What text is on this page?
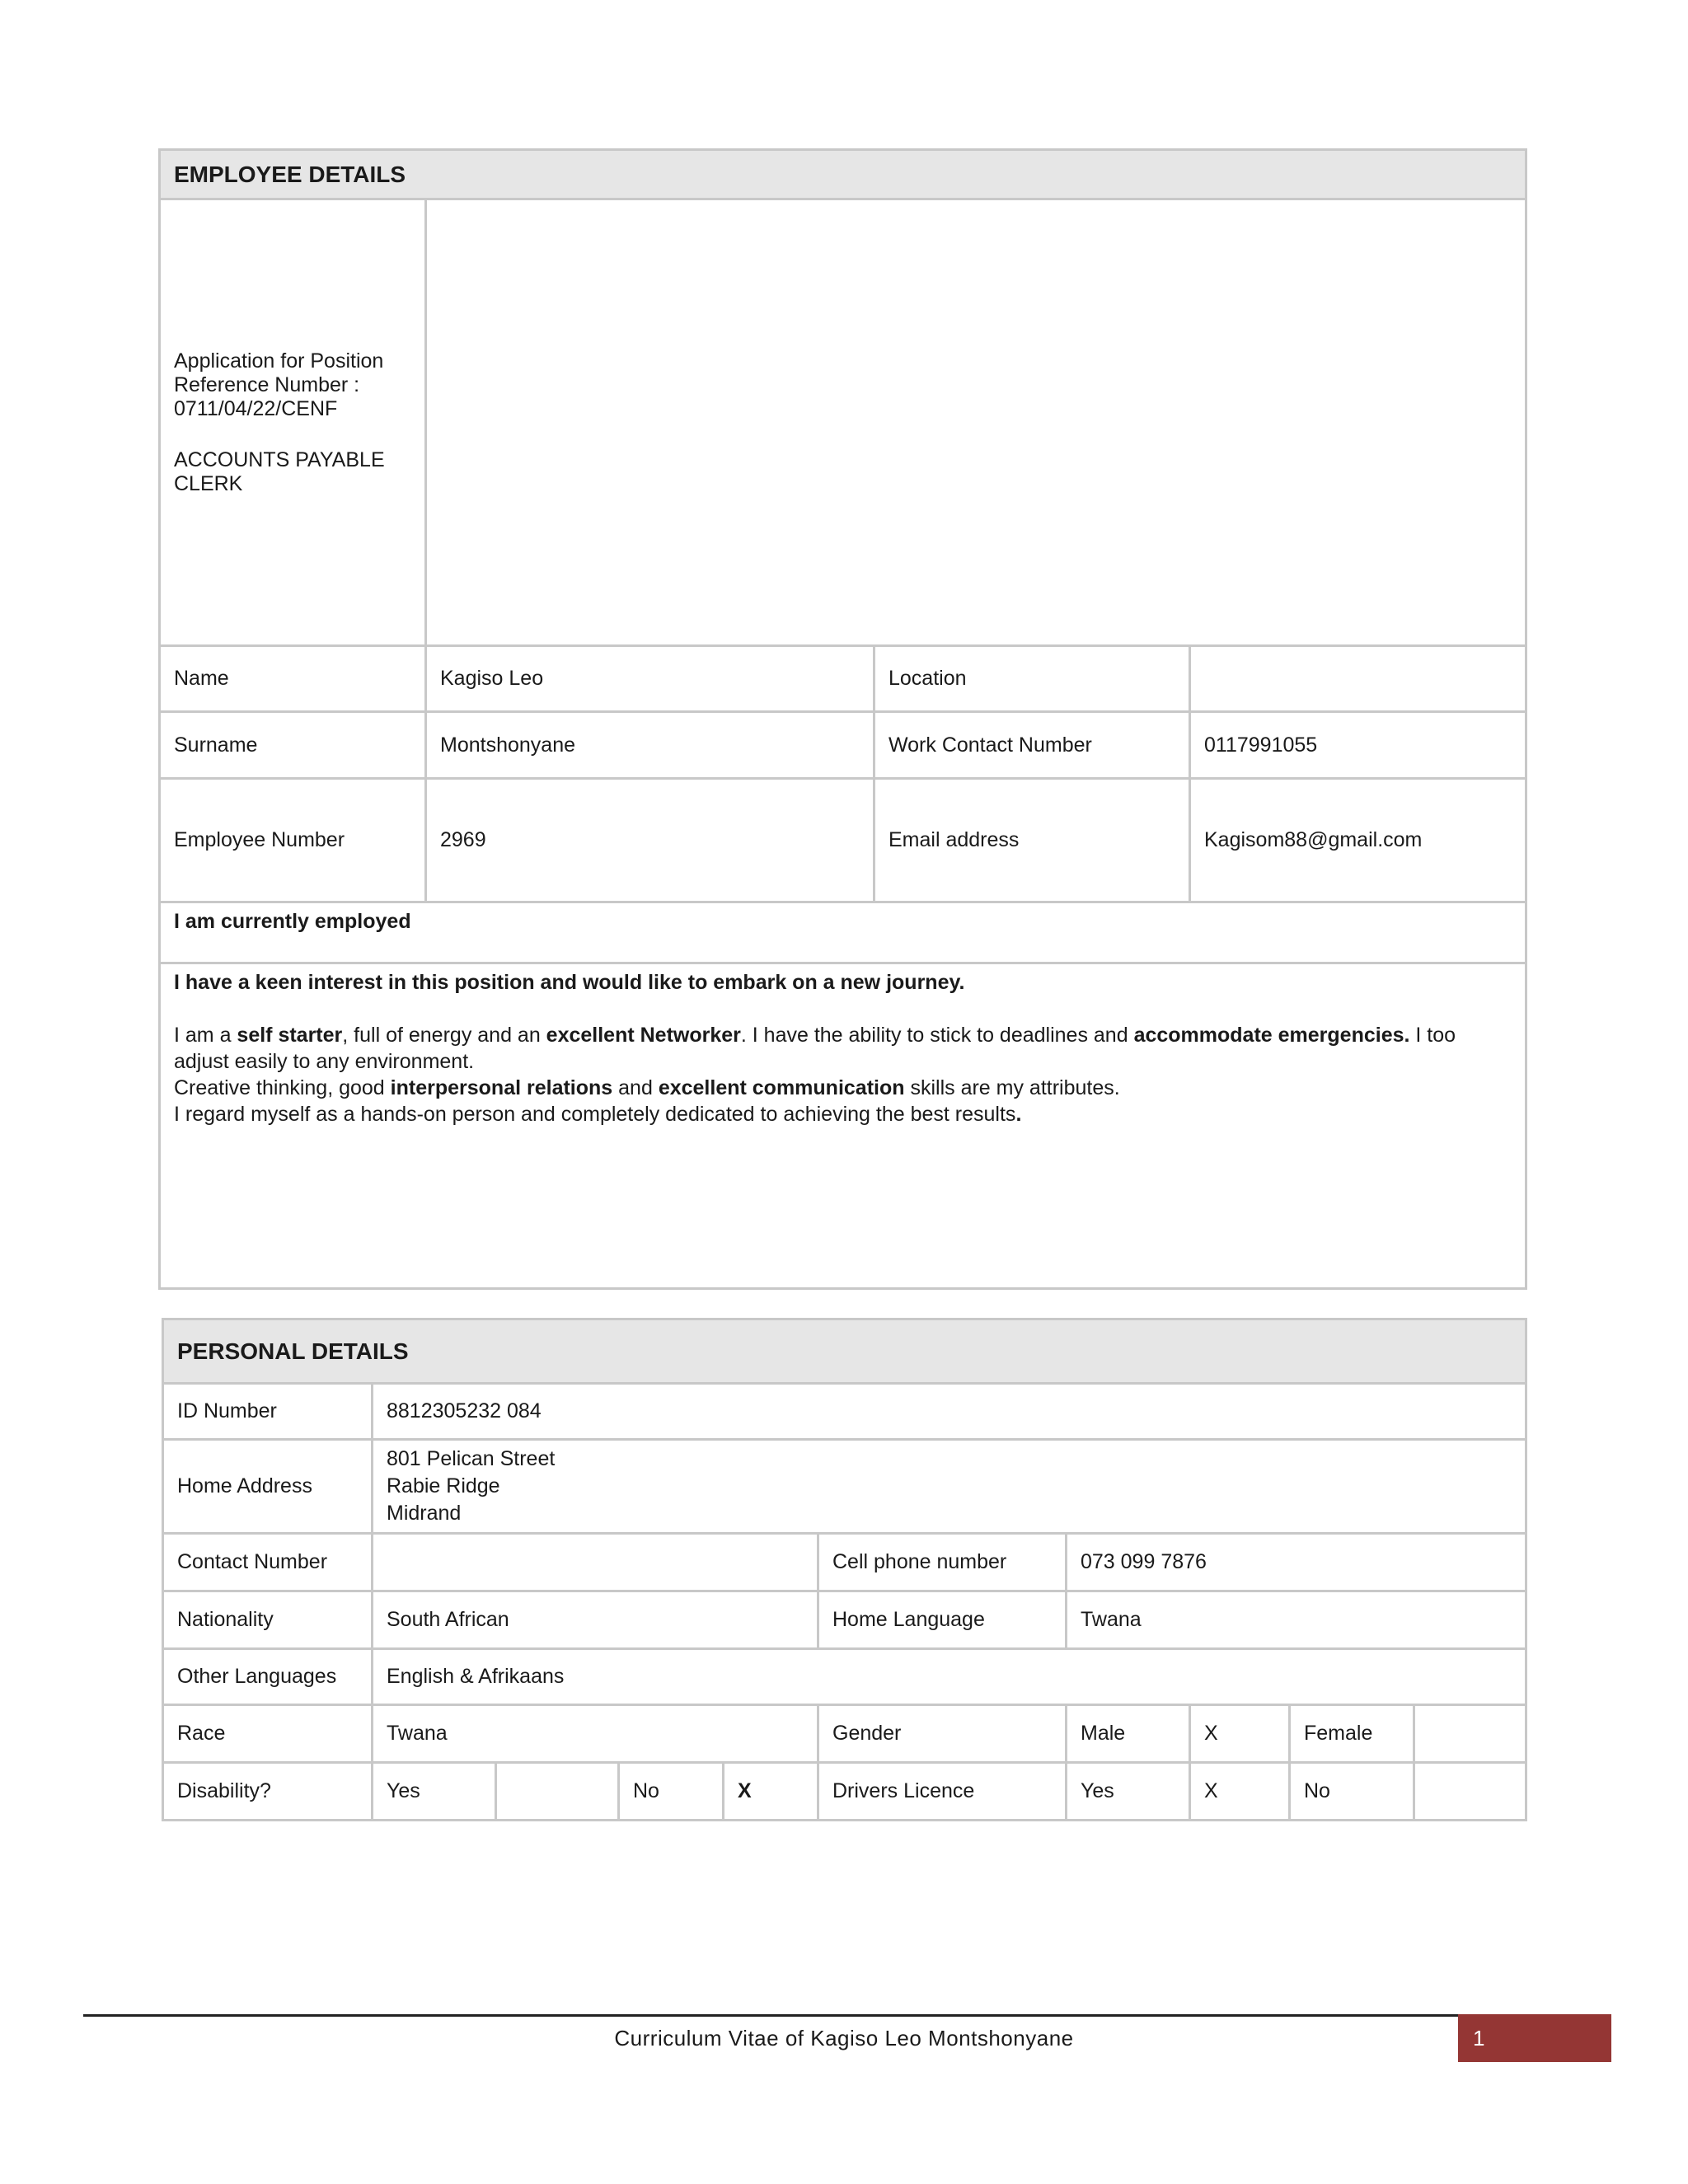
EMPLOYEE DETAILS			

Application for Position
Reference Number :
0711/04/22/CENF
ACCOUNTS PAYABLE
CLERK			

Name	Kagiso Leo	Location	
Surname	Montshonyane	Work Contact Number	0117991055
Employee Number	2969	Email address	Kagisom88@gmail.com
I am currently employed			

I have a keen interest in this position and would like to embark on a new journey.
I am a self starter, full of energy and an excellent Networker. I have the ability to stick to deadlines and accommodate emergencies. I too adjust easily to any environment.
Creative thinking, good interpersonal relations and excellent communication skills are my attributes.
I regard myself as a hands-on person and completely dedicated to achieving the best results.			
PERSONAL DETAILS									
ID Number	8812305232 084								
Home Address	801 Pelican Street
Rabie Ridge
Midrand								

Contact Number					Cell phone number	073 099 7876			
Nationality	South African				Home Language	Twana			
Other Languages	English & Afrikaans								
Race	Twana				Gender	Male	X	Female	
Disability?	Yes		No	X	Drivers Licence	Yes	X	No	
Curriculum Vitae of Kagiso Leo Montshonyane	1
